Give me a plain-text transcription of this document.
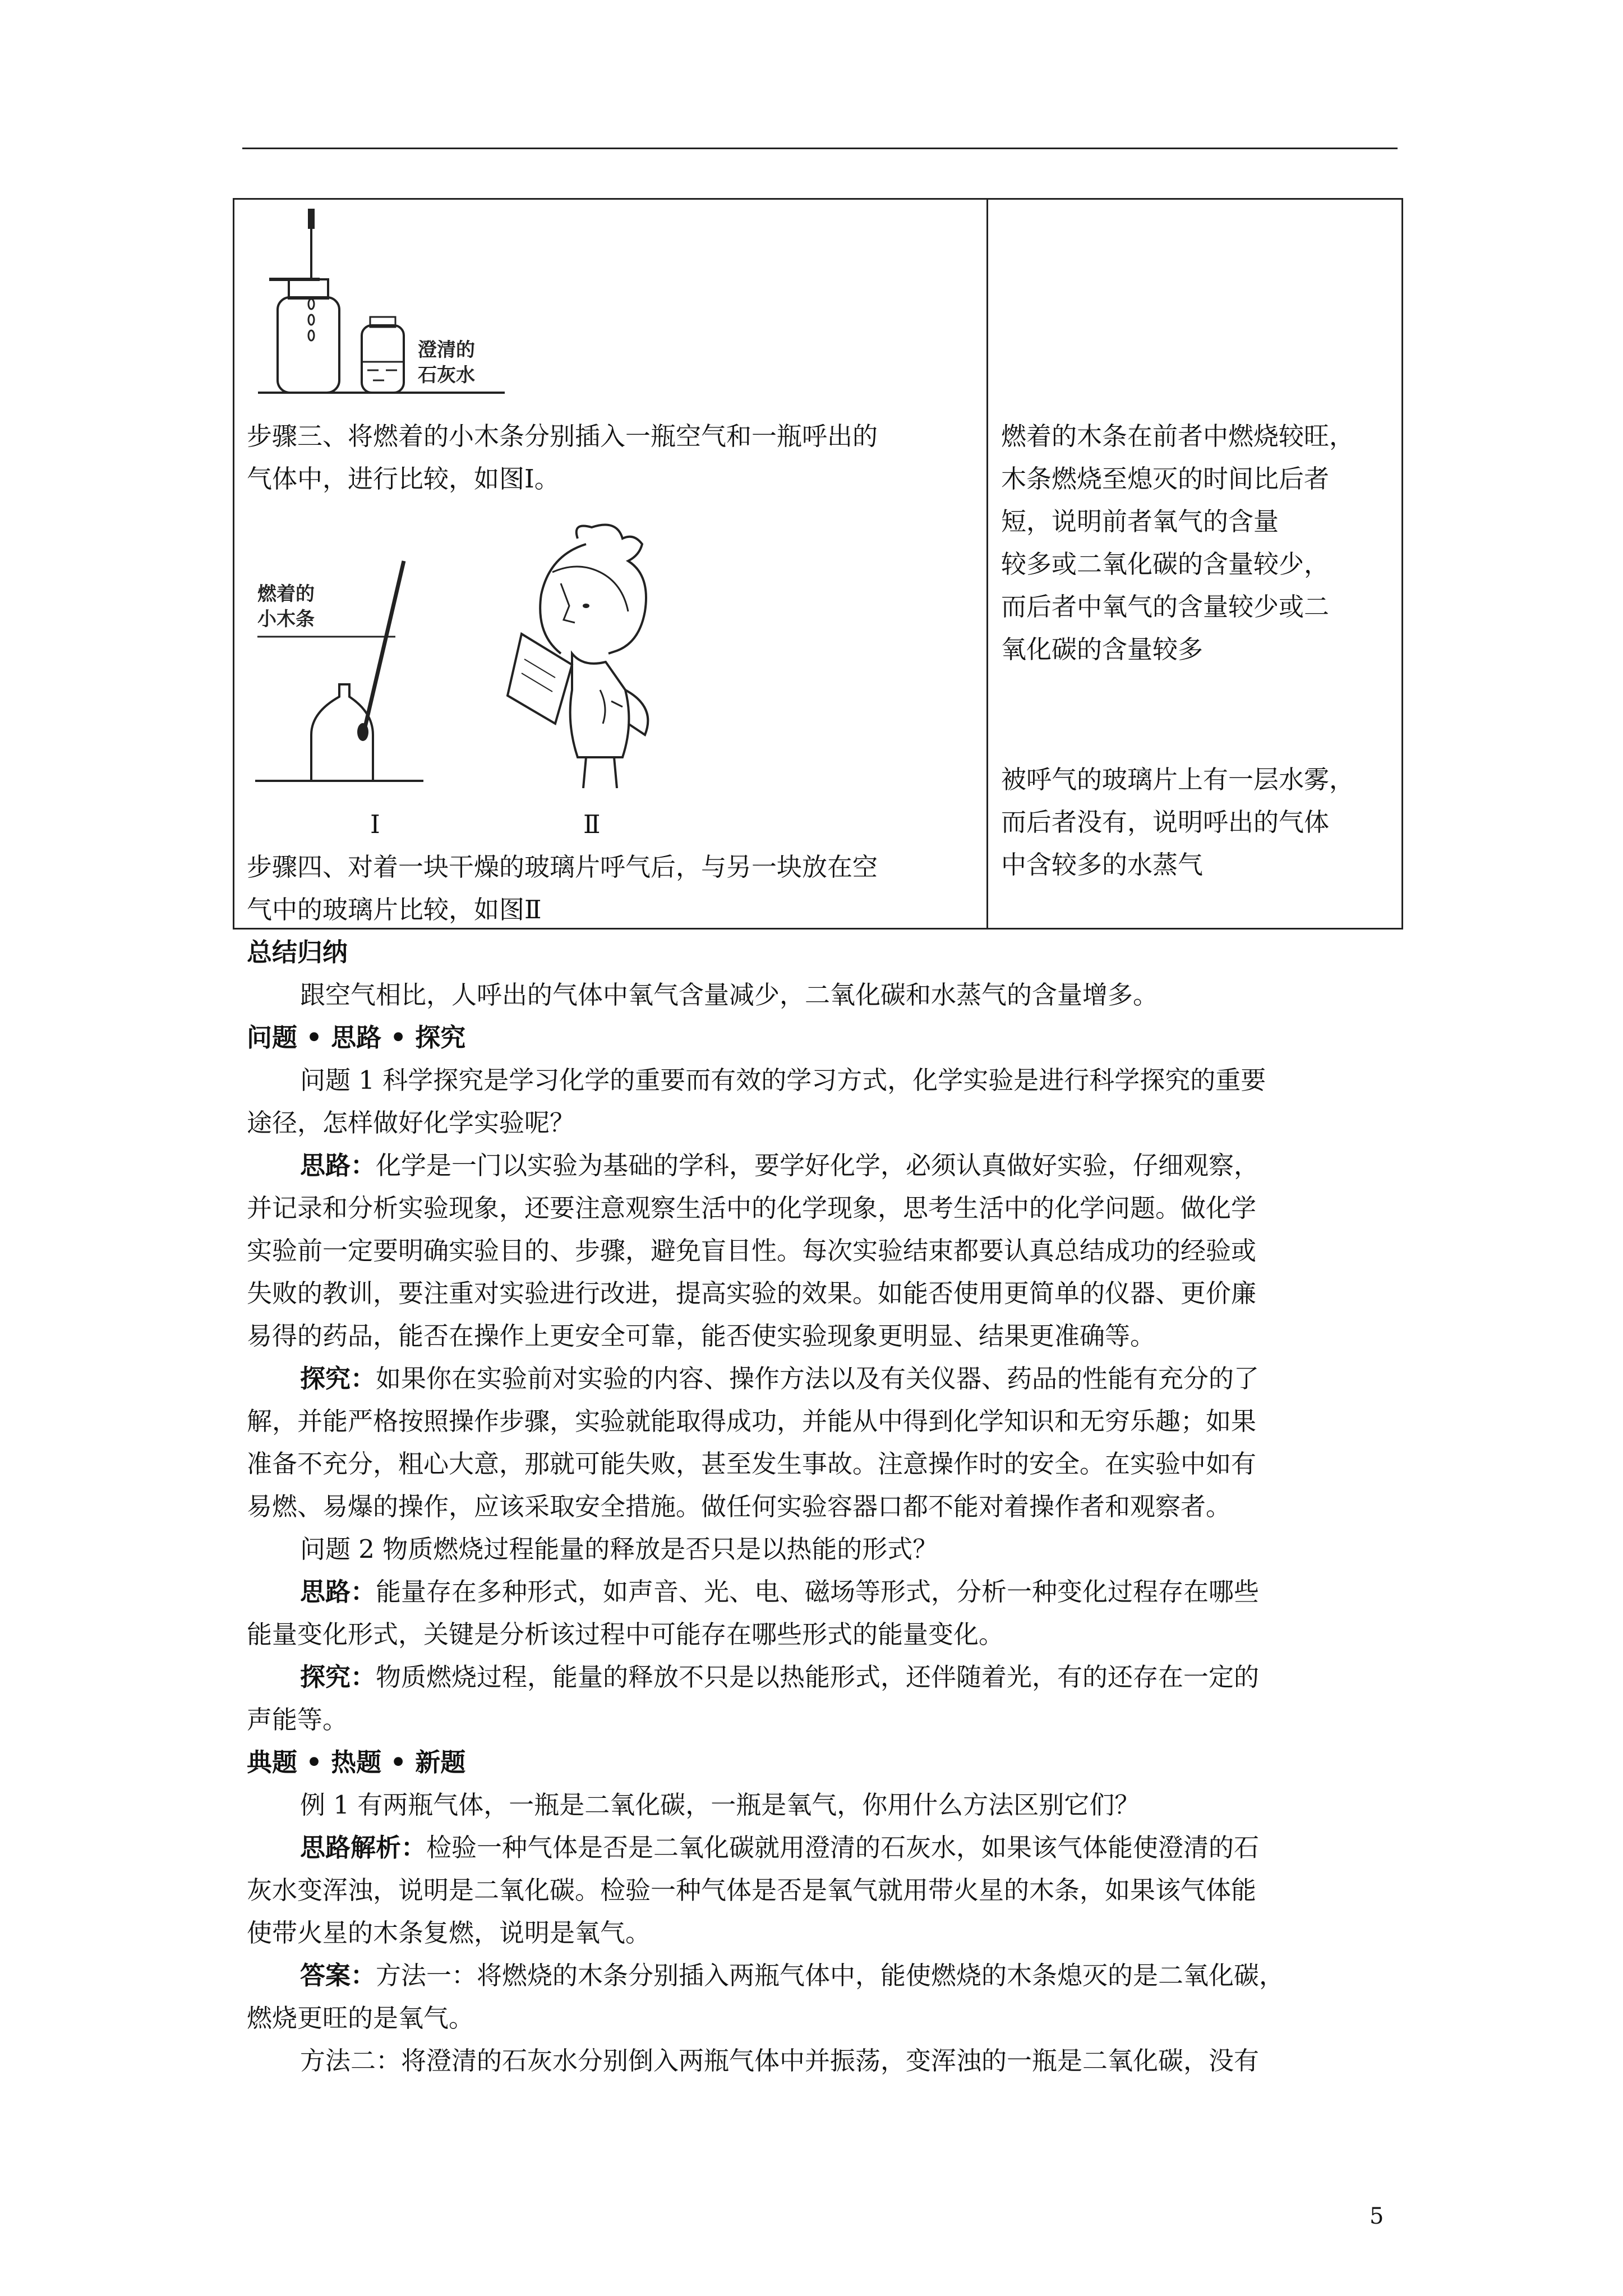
澄清的
石灰水
步骤三、将燃着的小木条分别插入一瓶空气和一瓶呼出的
气体中，进行比较，如图Ⅰ。
燃着的
小木条
Ⅰ	Ⅱ
步骤四、对着一块干燥的玻璃片呼气后，与另一块放在空
气中的玻璃片比较，如图Ⅱ
燃着的木条在前者中燃烧较旺，
木条燃烧至熄灭的时间比后者
短，说明前者氧气的含量
较多或二氧化碳的含量较少，
而后者中氧气的含量较少或二
氧化碳的含量较多
被呼气的玻璃片上有一层水雾，
而后者没有，说明呼出的气体
中含较多的水蒸气
总结归纳
跟空气相比，人呼出的气体中氧气含量减少，二氧化碳和水蒸气的含量增多。
问题 • 思路 • 探究
问题 1 科学探究是学习化学的重要而有效的学习方式，化学实验是进行科学探究的重要
途径，怎样做好化学实验呢？
思路：化学是一门以实验为基础的学科，要学好化学，必须认真做好实验，仔细观察，
并记录和分析实验现象，还要注意观察生活中的化学现象，思考生活中的化学问题。做化学
实验前一定要明确实验目的、步骤，避免盲目性。每次实验结束都要认真总结成功的经验或
失败的教训，要注重对实验进行改进，提高实验的效果。如能否使用更简单的仪器、更价廉
易得的药品，能否在操作上更安全可靠，能否使实验现象更明显、结果更准确等。
探究：如果你在实验前对实验的内容、操作方法以及有关仪器、药品的性能有充分的了
解，并能严格按照操作步骤，实验就能取得成功，并能从中得到化学知识和无穷乐趣；如果
准备不充分，粗心大意，那就可能失败，甚至发生事故。注意操作时的安全。在实验中如有
易燃、易爆的操作，应该采取安全措施。做任何实验容器口都不能对着操作者和观察者。
问题 2 物质燃烧过程能量的释放是否只是以热能的形式？
思路：能量存在多种形式，如声音、光、电、磁场等形式，分析一种变化过程存在哪些
能量变化形式，关键是分析该过程中可能存在哪些形式的能量变化。
探究：物质燃烧过程，能量的释放不只是以热能形式，还伴随着光，有的还存在一定的
声能等。
典题 • 热题 • 新题
例 1 有两瓶气体，一瓶是二氧化碳，一瓶是氧气，你用什么方法区别它们？
思路解析：检验一种气体是否是二氧化碳就用澄清的石灰水，如果该气体能使澄清的石
灰水变浑浊，说明是二氧化碳。检验一种气体是否是氧气就用带火星的木条，如果该气体能
使带火星的木条复燃，说明是氧气。
答案：方法一：将燃烧的木条分别插入两瓶气体中，能使燃烧的木条熄灭的是二氧化碳，
燃烧更旺的是氧气。
方法二：将澄清的石灰水分别倒入两瓶气体中并振荡，变浑浊的一瓶是二氧化碳，没有
5
